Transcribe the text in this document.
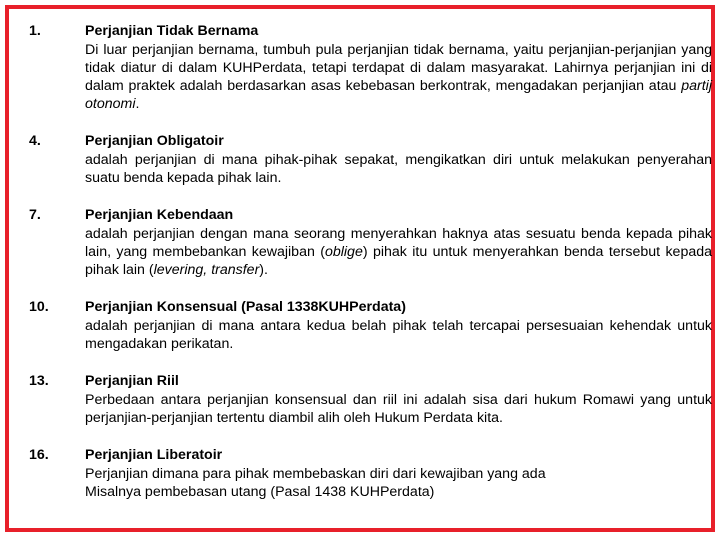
1.	Perjanjian Tidak Bernama
Di luar perjanjian bernama, tumbuh pula perjanjian tidak bernama, yaitu perjanjian-perjanjian yang tidak diatur di dalam KUHPerdata, tetapi terdapat di dalam masyarakat. Lahirnya perjanjian ini di dalam praktek adalah berdasarkan asas kebebasan berkontrak, mengadakan perjanjian atau partij otonomi.
4.	Perjanjian Obligatoir
adalah perjanjian di mana pihak-pihak sepakat, mengikatkan diri untuk melakukan penyerahan suatu benda kepada pihak lain.
7.	Perjanjian Kebendaan
adalah perjanjian dengan mana seorang menyerahkan haknya atas sesuatu benda kepada pihak lain, yang membebankan kewajiban (oblige) pihak itu untuk menyerahkan benda tersebut kepada pihak lain (levering, transfer).
10.	Perjanjian Konsensual (Pasal 1338KUHPerdata)
adalah perjanjian di mana antara kedua belah pihak telah tercapai persesuaian kehendak untuk mengadakan perikatan.
13.	Perjanjian Riil
Perbedaan antara perjanjian konsensual dan riil ini adalah sisa dari hukum Romawi yang untuk perjanjian-perjanjian tertentu diambil alih oleh Hukum Perdata kita.
16.	Perjanjian Liberatoir
Perjanjian dimana para pihak membebaskan diri dari kewajiban yang ada
Misalnya pembebasan utang (Pasal 1438 KUHPerdata)
